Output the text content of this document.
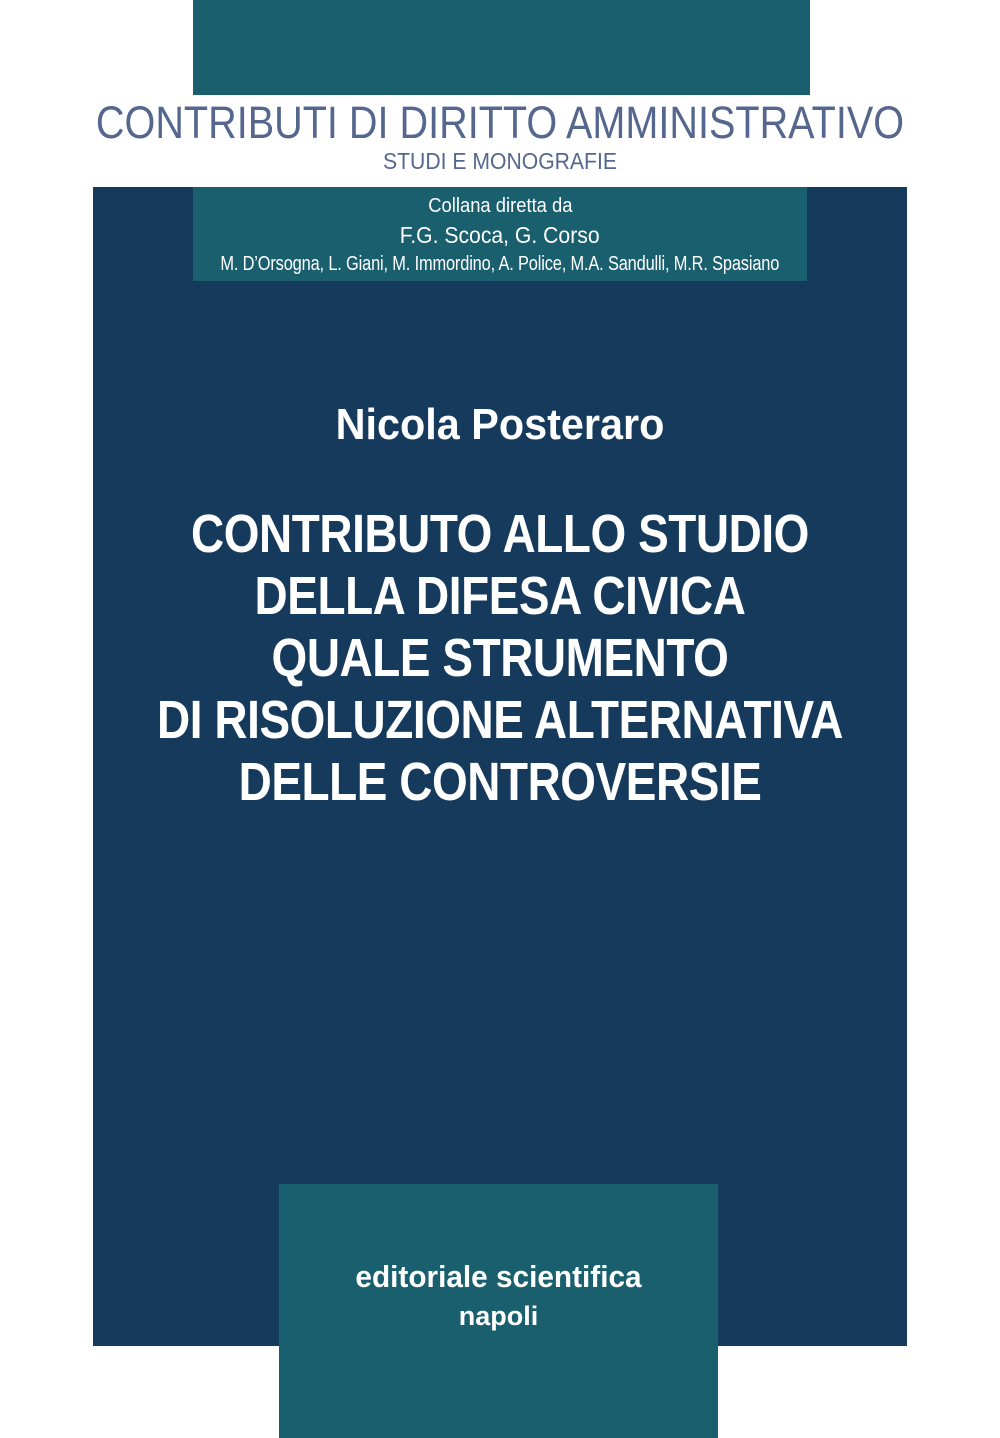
CONTRIBUTI DI DIRITTO AMMINISTRATIVO
STUDI E MONOGRAFIE
Collana diretta da
F.G. Scoca, G. Corso
M. D’Orsogna, L. Giani, M. Immordino, A. Police, M.A. Sandulli, M.R. Spasiano
Nicola Posteraro
CONTRIBUTO ALLO STUDIO
DELLA DIFESA CIVICA
QUALE STRUMENTO
DI RISOLUZIONE ALTERNATIVA
DELLE CONTROVERSIE
editoriale scientifica
napoli
